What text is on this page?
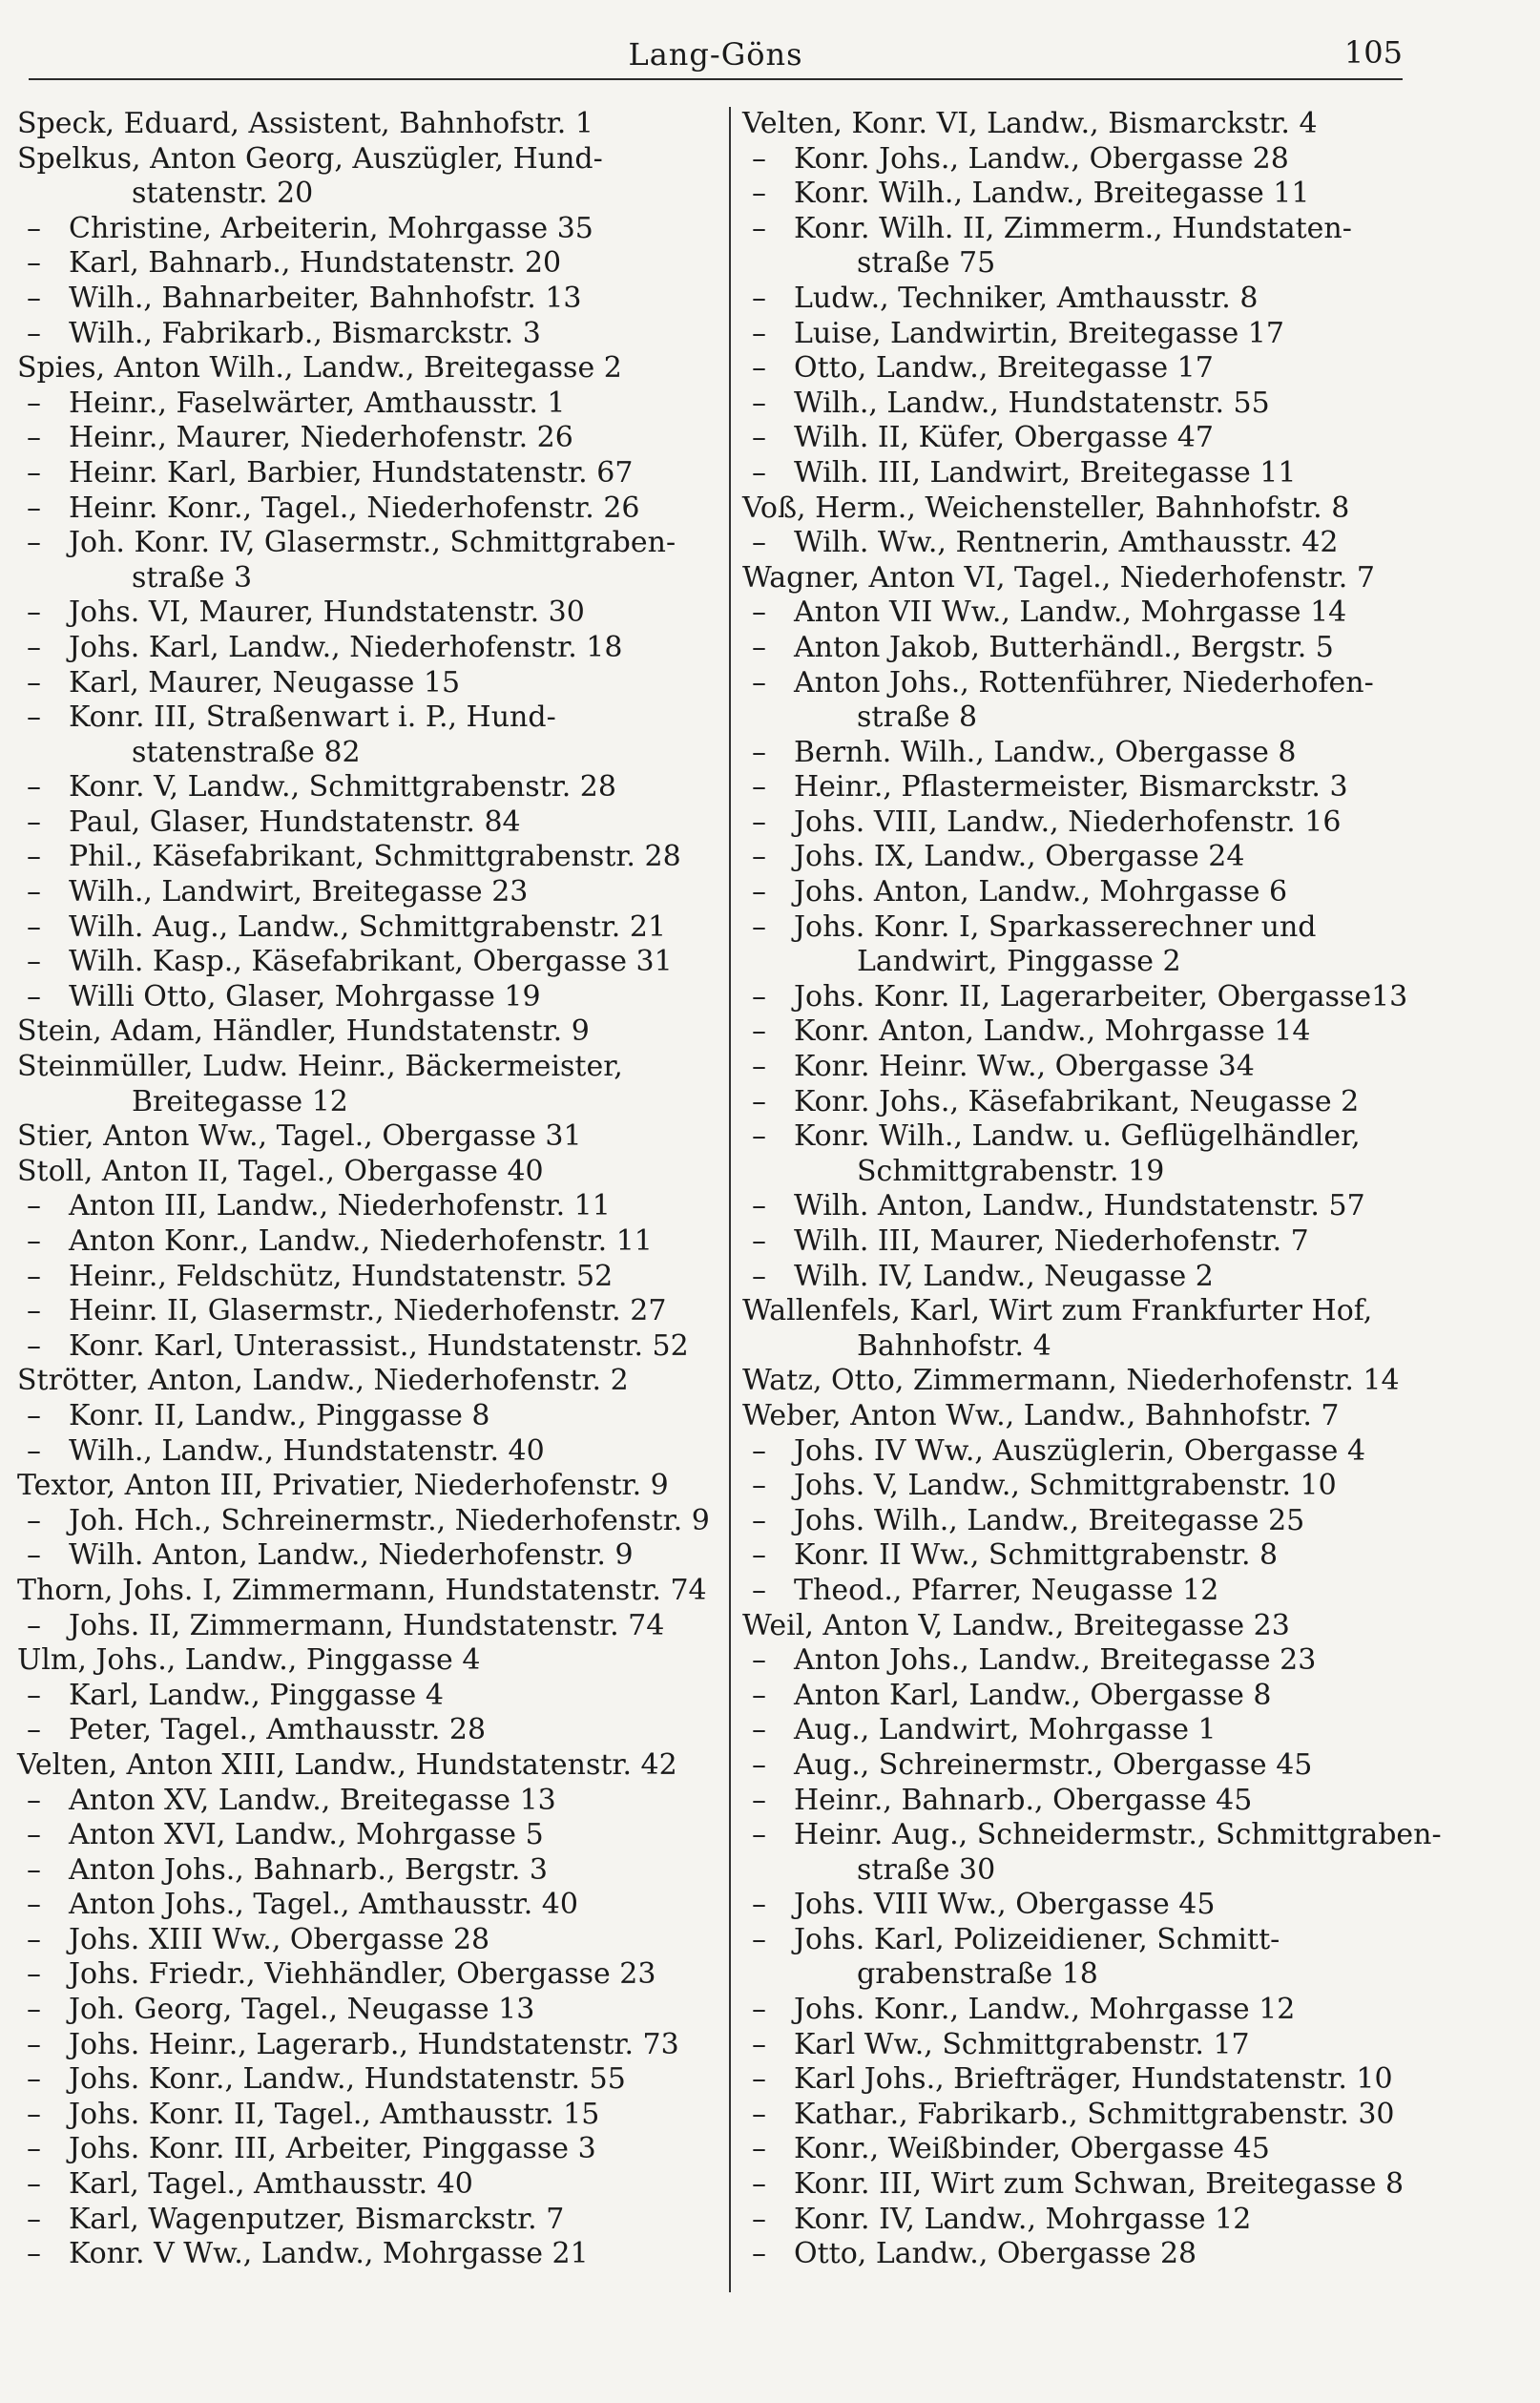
Lang-Göns	105
Speck, Eduard, Assistent, Bahnhofstr. 1
Spelkus, Anton Georg, Auszügler, Hund-
statenstr. 20
– Christine, Arbeiterin, Mohrgasse 35
– Karl, Bahnarb., Hundstatenstr. 20
– Wilh., Bahnarbeiter, Bahnhofstr. 13
– Wilh., Fabrikarb., Bismarckstr. 3
Spies, Anton Wilh., Landw., Breitegasse 2
– Heinr., Faselwärter, Amthausstr. 1
– Heinr., Maurer, Niederhofenstr. 26
– Heinr. Karl, Barbier, Hundstatenstr. 67
– Heinr. Konr., Tagel., Niederhofenstr. 26
– Joh. Konr. IV, Glasermstr., Schmittgraben-
straße 3
– Johs. VI, Maurer, Hundstatenstr. 30
– Johs. Karl, Landw., Niederhofenstr. 18
– Karl, Maurer, Neugasse 15
– Konr. III, Straßenwart i. P., Hund-
statenstraße 82
– Konr. V, Landw., Schmittgrabenstr. 28
– Paul, Glaser, Hundstatenstr. 84
– Phil., Käsefabrikant, Schmittgrabenstr. 28
– Wilh., Landwirt, Breitegasse 23
– Wilh. Aug., Landw., Schmittgrabenstr. 21
– Wilh. Kasp., Käsefabrikant, Obergasse 31
– Willi Otto, Glaser, Mohrgasse 19
Stein, Adam, Händler, Hundstatenstr. 9
Steinmüller, Ludw. Heinr., Bäckermeister,
Breitegasse 12
Stier, Anton Ww., Tagel., Obergasse 31
Stoll, Anton II, Tagel., Obergasse 40
– Anton III, Landw., Niederhofenstr. 11
– Anton Konr., Landw., Niederhofenstr. 11
– Heinr., Feldschütz, Hundstatenstr. 52
– Heinr. II, Glasermstr., Niederhofenstr. 27
– Konr. Karl, Unterassist., Hundstatenstr. 52
Strötter, Anton, Landw., Niederhofenstr. 2
– Konr. II, Landw., Pinggasse 8
– Wilh., Landw., Hundstatenstr. 40
Textor, Anton III, Privatier, Niederhofenstr. 9
– Joh. Hch., Schreinermstr., Niederhofenstr. 9
– Wilh. Anton, Landw., Niederhofenstr. 9
Thorn, Johs. I, Zimmermann, Hundstatenstr. 74
– Johs. II, Zimmermann, Hundstatenstr. 74
Ulm, Johs., Landw., Pinggasse 4
– Karl, Landw., Pinggasse 4
– Peter, Tagel., Amthausstr. 28
Velten, Anton XIII, Landw., Hundstatenstr. 42
– Anton XV, Landw., Breitegasse 13
– Anton XVI, Landw., Mohrgasse 5
– Anton Johs., Bahnarb., Bergstr. 3
– Anton Johs., Tagel., Amthausstr. 40
– Johs. XIII Ww., Obergasse 28
– Johs. Friedr., Viehhändler, Obergasse 23
– Joh. Georg, Tagel., Neugasse 13
– Johs. Heinr., Lagerarb., Hundstatenstr. 73
– Johs. Konr., Landw., Hundstatenstr. 55
– Johs. Konr. II, Tagel., Amthausstr. 15
– Johs. Konr. III, Arbeiter, Pinggasse 3
– Karl, Tagel., Amthausstr. 40
– Karl, Wagenputzer, Bismarckstr. 7
– Konr. V Ww., Landw., Mohrgasse 21
Velten, Konr. VI, Landw., Bismarckstr. 4
– Konr. Johs., Landw., Obergasse 28
– Konr. Wilh., Landw., Breitegasse 11
– Konr. Wilh. II, Zimmerm., Hundstaten-
straße 75
– Ludw., Techniker, Amthausstr. 8
– Luise, Landwirtin, Breitegasse 17
– Otto, Landw., Breitegasse 17
– Wilh., Landw., Hundstatenstr. 55
– Wilh. II, Küfer, Obergasse 47
– Wilh. III, Landwirt, Breitegasse 11
Voß, Herm., Weichensteller, Bahnhofstr. 8
– Wilh. Ww., Rentnerin, Amthausstr. 42
Wagner, Anton VI, Tagel., Niederhofenstr. 7
– Anton VII Ww., Landw., Mohrgasse 14
– Anton Jakob, Butterhändl., Bergstr. 5
– Anton Johs., Rottenführer, Niederhofen-
straße 8
– Bernh. Wilh., Landw., Obergasse 8
– Heinr., Pflastermeister, Bismarckstr. 3
– Johs. VIII, Landw., Niederhofenstr. 16
– Johs. IX, Landw., Obergasse 24
– Johs. Anton, Landw., Mohrgasse 6
– Johs. Konr. I, Sparkasserechner und
Landwirt, Pinggasse 2
– Johs. Konr. II, Lagerarbeiter, Obergasse13
– Konr. Anton, Landw., Mohrgasse 14
– Konr. Heinr. Ww., Obergasse 34
– Konr. Johs., Käsefabrikant, Neugasse 2
– Konr. Wilh., Landw. u. Geflügelhändler,
Schmittgrabenstr. 19
– Wilh. Anton, Landw., Hundstatenstr. 57
– Wilh. III, Maurer, Niederhofenstr. 7
– Wilh. IV, Landw., Neugasse 2
Wallenfels, Karl, Wirt zum Frankfurter Hof,
Bahnhofstr. 4
Watz, Otto, Zimmermann, Niederhofenstr. 14
Weber, Anton Ww., Landw., Bahnhofstr. 7
– Johs. IV Ww., Auszüglerin, Obergasse 4
– Johs. V, Landw., Schmittgrabenstr. 10
– Johs. Wilh., Landw., Breitegasse 25
– Konr. II Ww., Schmittgrabenstr. 8
– Theod., Pfarrer, Neugasse 12
Weil, Anton V, Landw., Breitegasse 23
– Anton Johs., Landw., Breitegasse 23
– Anton Karl, Landw., Obergasse 8
– Aug., Landwirt, Mohrgasse 1
– Aug., Schreinermstr., Obergasse 45
– Heinr., Bahnarb., Obergasse 45
– Heinr. Aug., Schneidermstr., Schmittgraben-
straße 30
– Johs. VIII Ww., Obergasse 45
– Johs. Karl, Polizeidiener, Schmitt-
grabenstraße 18
– Johs. Konr., Landw., Mohrgasse 12
– Karl Ww., Schmittgrabenstr. 17
– Karl Johs., Briefträger, Hundstatenstr. 10
– Kathar., Fabrikarb., Schmittgrabenstr. 30
– Konr., Weißbinder, Obergasse 45
– Konr. III, Wirt zum Schwan, Breitegasse 8
– Konr. IV, Landw., Mohrgasse 12
– Otto, Landw., Obergasse 28
